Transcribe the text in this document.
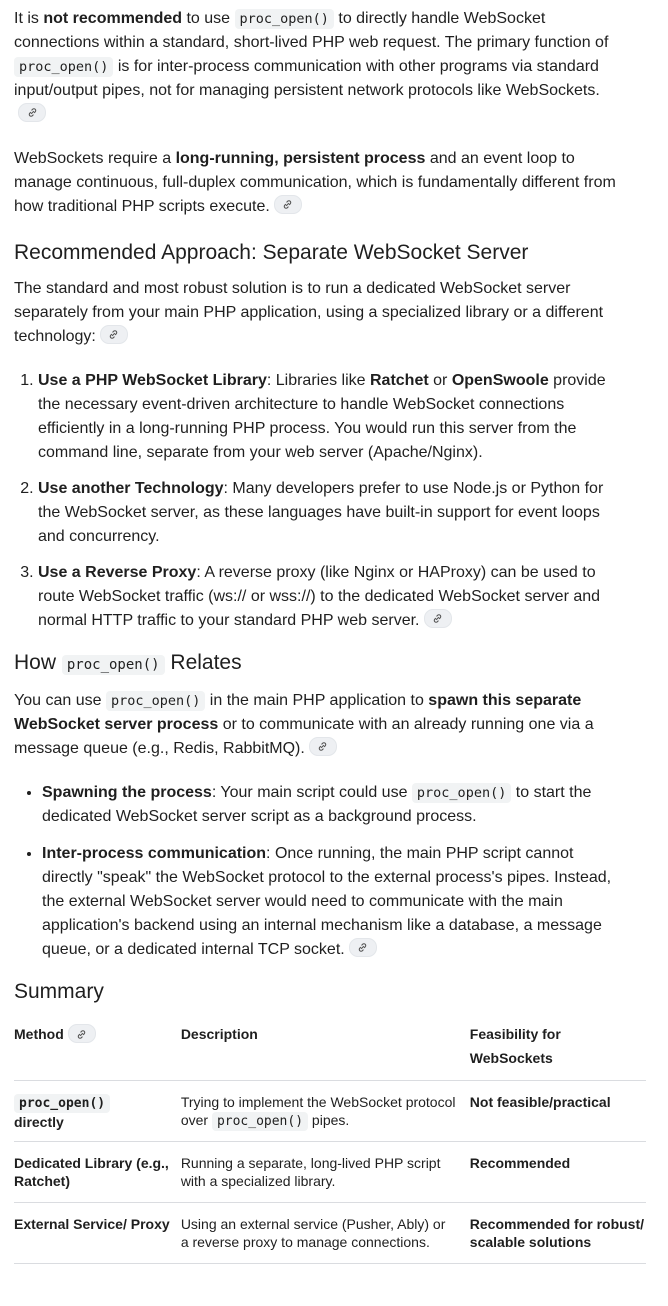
It is not recommended to use proc_open() to directly handle WebSocket connections within a standard, short-lived PHP web request. The primary function of proc_open() is for inter-process communication with other programs via standard input/output pipes, not for managing persistent network protocols like WebSockets.

WebSockets require a long-running, persistent process and an event loop to manage continuous, full-duplex communication, which is fundamentally different from how traditional PHP scripts execute.

Recommended Approach: Separate WebSocket Server

The standard and most robust solution is to run a dedicated WebSocket server separately from your main PHP application, using a specialized library or a different technology:

1. Use a PHP WebSocket Library: Libraries like Ratchet or OpenSwoole provide the necessary event-driven architecture to handle WebSocket connections efficiently in a long-running PHP process. You would run this server from the command line, separate from your web server (Apache/Nginx).
2. Use another Technology: Many developers prefer to use Node.js or Python for the WebSocket server, as these languages have built-in support for event loops and concurrency.
3. Use a Reverse Proxy: A reverse proxy (like Nginx or HAProxy) can be used to route WebSocket traffic (ws:// or wss://) to the dedicated WebSocket server and normal HTTP traffic to your standard PHP web server.
How proc_open() Relates

You can use proc_open() in the main PHP application to spawn this separate WebSocket server process or to communicate with an already running one via a message queue (e.g., Redis, RabbitMQ).

• Spawning the process: Your main script could use proc_open() to start the dedicated WebSocket server script as a background process.
• Inter-process communication: Once running, the main PHP script cannot directly "speak" the WebSocket protocol to the external process's pipes. Instead, the external WebSocket server would need to communicate with the main application's backend using an internal mechanism like a database, a message queue, or a dedicated internal TCP socket.
Summary
Method	Description	Feasibility for WebSockets
proc_open()
directly	Trying to implement the WebSocket protocol over proc_open() pipes.	Not feasible/practical
Dedicated Library (e.g., Ratchet)	Running a separate, long-lived PHP script with a specialized library.	Recommended
External Service/ Proxy	Using an external service (Pusher, Ably) or a reverse proxy to manage connections.	Recommended for robust/ scalable solutions
